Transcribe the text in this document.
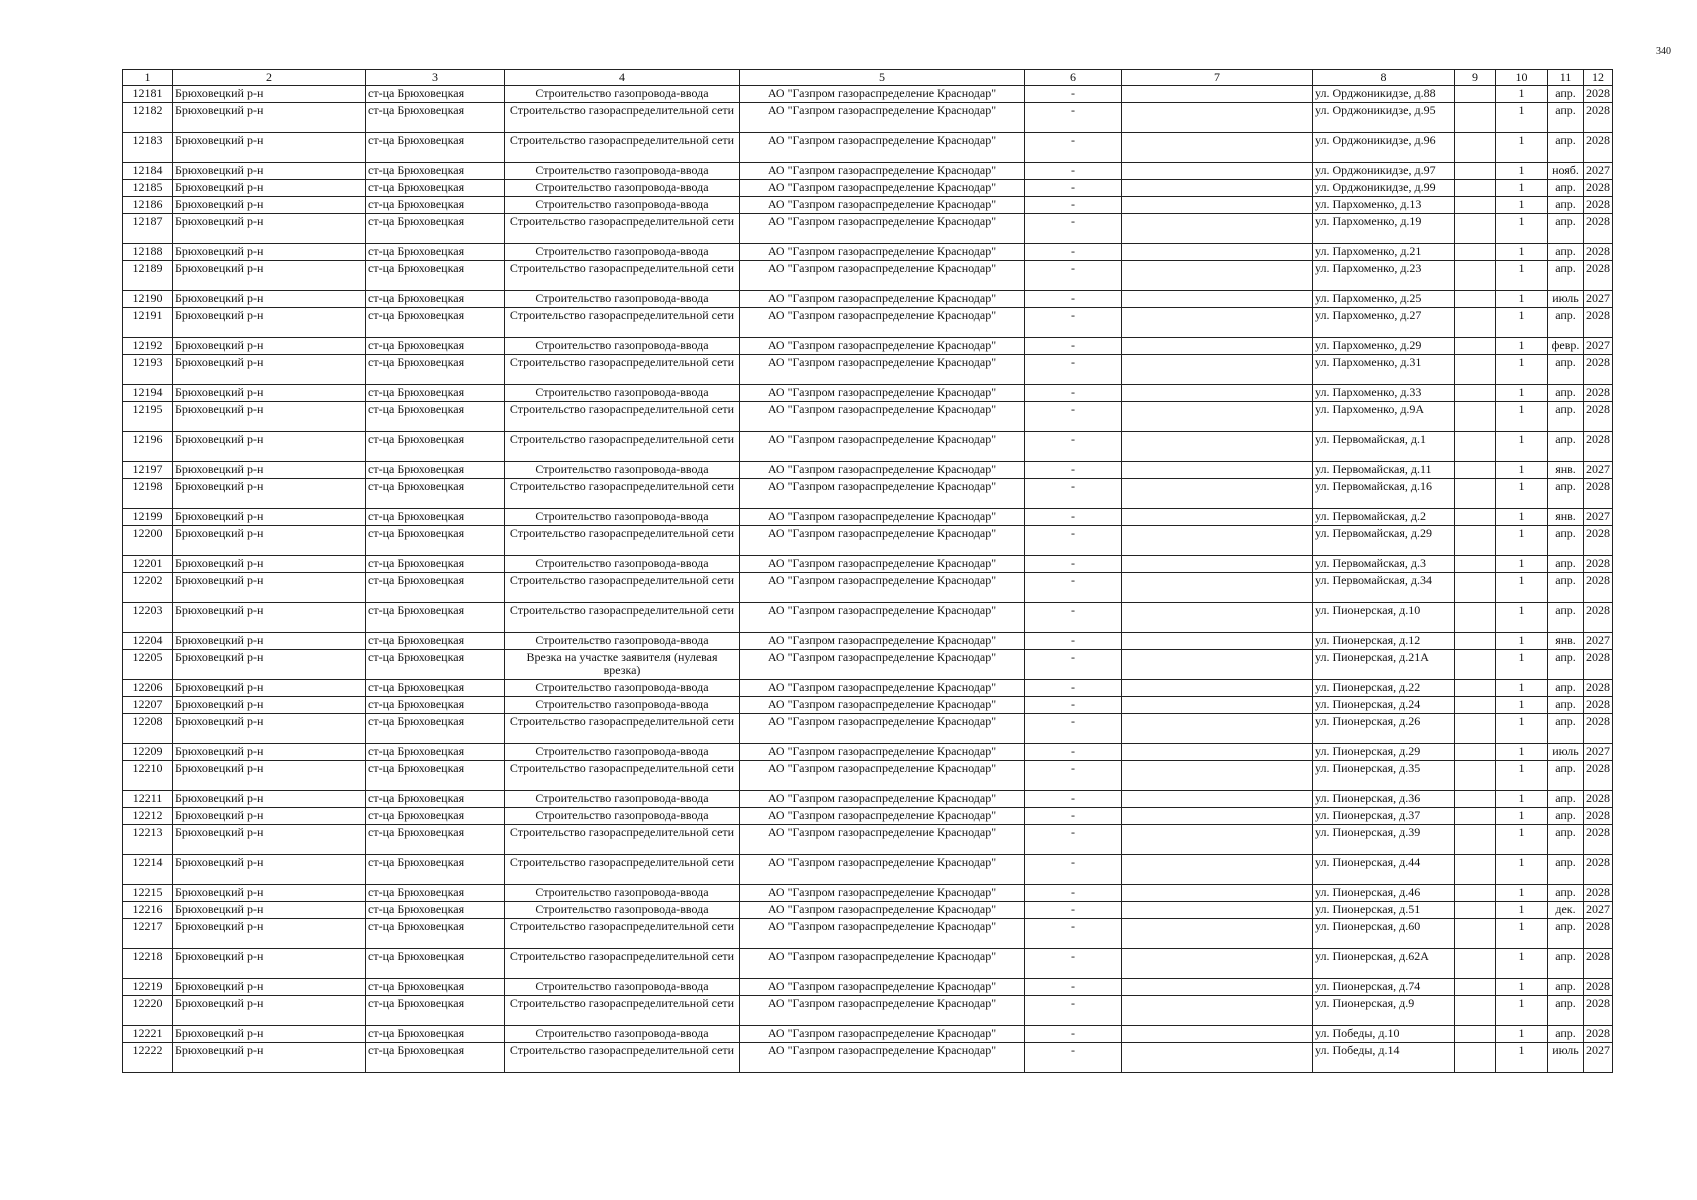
340
1	2	3	4	5	6	7	8	9	10	11	12
12181	Брюховецкий р-н	ст-ца Брюховецкая	Строительство газопровода-ввода	АО "Газпром газораспределение Краснодар"	-		ул. Орджоникидзе, д.88		1	апр.	2028
12182	Брюховецкий р-н	ст-ца Брюховецкая	Строительство газораспределительной сети	АО "Газпром газораспределение Краснодар"	-		ул. Орджоникидзе, д.95		1	апр.	2028
12183	Брюховецкий р-н	ст-ца Брюховецкая	Строительство газораспределительной сети	АО "Газпром газораспределение Краснодар"	-		ул. Орджоникидзе, д.96		1	апр.	2028
12184	Брюховецкий р-н	ст-ца Брюховецкая	Строительство газопровода-ввода	АО "Газпром газораспределение Краснодар"	-		ул. Орджоникидзе, д.97		1	нояб.	2027
12185	Брюховецкий р-н	ст-ца Брюховецкая	Строительство газопровода-ввода	АО "Газпром газораспределение Краснодар"	-		ул. Орджоникидзе, д.99		1	апр.	2028
12186	Брюховецкий р-н	ст-ца Брюховецкая	Строительство газопровода-ввода	АО "Газпром газораспределение Краснодар"	-		ул. Пархоменко, д.13		1	апр.	2028
12187	Брюховецкий р-н	ст-ца Брюховецкая	Строительство газораспределительной сети	АО "Газпром газораспределение Краснодар"	-		ул. Пархоменко, д.19		1	апр.	2028
12188	Брюховецкий р-н	ст-ца Брюховецкая	Строительство газопровода-ввода	АО "Газпром газораспределение Краснодар"	-		ул. Пархоменко, д.21		1	апр.	2028
12189	Брюховецкий р-н	ст-ца Брюховецкая	Строительство газораспределительной сети	АО "Газпром газораспределение Краснодар"	-		ул. Пархоменко, д.23		1	апр.	2028
12190	Брюховецкий р-н	ст-ца Брюховецкая	Строительство газопровода-ввода	АО "Газпром газораспределение Краснодар"	-		ул. Пархоменко, д.25		1	июль	2027
12191	Брюховецкий р-н	ст-ца Брюховецкая	Строительство газораспределительной сети	АО "Газпром газораспределение Краснодар"	-		ул. Пархоменко, д.27		1	апр.	2028
12192	Брюховецкий р-н	ст-ца Брюховецкая	Строительство газопровода-ввода	АО "Газпром газораспределение Краснодар"	-		ул. Пархоменко, д.29		1	февр.	2027
12193	Брюховецкий р-н	ст-ца Брюховецкая	Строительство газораспределительной сети	АО "Газпром газораспределение Краснодар"	-		ул. Пархоменко, д.31		1	апр.	2028
12194	Брюховецкий р-н	ст-ца Брюховецкая	Строительство газопровода-ввода	АО "Газпром газораспределение Краснодар"	-		ул. Пархоменко, д.33		1	апр.	2028
12195	Брюховецкий р-н	ст-ца Брюховецкая	Строительство газораспределительной сети	АО "Газпром газораспределение Краснодар"	-		ул. Пархоменко, д.9А		1	апр.	2028
12196	Брюховецкий р-н	ст-ца Брюховецкая	Строительство газораспределительной сети	АО "Газпром газораспределение Краснодар"	-		ул. Первомайская, д.1		1	апр.	2028
12197	Брюховецкий р-н	ст-ца Брюховецкая	Строительство газопровода-ввода	АО "Газпром газораспределение Краснодар"	-		ул. Первомайская, д.11		1	янв.	2027
12198	Брюховецкий р-н	ст-ца Брюховецкая	Строительство газораспределительной сети	АО "Газпром газораспределение Краснодар"	-		ул. Первомайская, д.16		1	апр.	2028
12199	Брюховецкий р-н	ст-ца Брюховецкая	Строительство газопровода-ввода	АО "Газпром газораспределение Краснодар"	-		ул. Первомайская, д.2		1	янв.	2027
12200	Брюховецкий р-н	ст-ца Брюховецкая	Строительство газораспределительной сети	АО "Газпром газораспределение Краснодар"	-		ул. Первомайская, д.29		1	апр.	2028
12201	Брюховецкий р-н	ст-ца Брюховецкая	Строительство газопровода-ввода	АО "Газпром газораспределение Краснодар"	-		ул. Первомайская, д.3		1	апр.	2028
12202	Брюховецкий р-н	ст-ца Брюховецкая	Строительство газораспределительной сети	АО "Газпром газораспределение Краснодар"	-		ул. Первомайская, д.34		1	апр.	2028
12203	Брюховецкий р-н	ст-ца Брюховецкая	Строительство газораспределительной сети	АО "Газпром газораспределение Краснодар"	-		ул. Пионерская, д.10		1	апр.	2028
12204	Брюховецкий р-н	ст-ца Брюховецкая	Строительство газопровода-ввода	АО "Газпром газораспределение Краснодар"	-		ул. Пионерская, д.12		1	янв.	2027
12205	Брюховецкий р-н	ст-ца Брюховецкая	Врезка на участке заявителя (нулевая врезка)	АО "Газпром газораспределение Краснодар"	-		ул. Пионерская, д.21А		1	апр.	2028
12206	Брюховецкий р-н	ст-ца Брюховецкая	Строительство газопровода-ввода	АО "Газпром газораспределение Краснодар"	-		ул. Пионерская, д.22		1	апр.	2028
12207	Брюховецкий р-н	ст-ца Брюховецкая	Строительство газопровода-ввода	АО "Газпром газораспределение Краснодар"	-		ул. Пионерская, д.24		1	апр.	2028
12208	Брюховецкий р-н	ст-ца Брюховецкая	Строительство газораспределительной сети	АО "Газпром газораспределение Краснодар"	-		ул. Пионерская, д.26		1	апр.	2028
12209	Брюховецкий р-н	ст-ца Брюховецкая	Строительство газопровода-ввода	АО "Газпром газораспределение Краснодар"	-		ул. Пионерская, д.29		1	июль	2027
12210	Брюховецкий р-н	ст-ца Брюховецкая	Строительство газораспределительной сети	АО "Газпром газораспределение Краснодар"	-		ул. Пионерская, д.35		1	апр.	2028
12211	Брюховецкий р-н	ст-ца Брюховецкая	Строительство газопровода-ввода	АО "Газпром газораспределение Краснодар"	-		ул. Пионерская, д.36		1	апр.	2028
12212	Брюховецкий р-н	ст-ца Брюховецкая	Строительство газопровода-ввода	АО "Газпром газораспределение Краснодар"	-		ул. Пионерская, д.37		1	апр.	2028
12213	Брюховецкий р-н	ст-ца Брюховецкая	Строительство газораспределительной сети	АО "Газпром газораспределение Краснодар"	-		ул. Пионерская, д.39		1	апр.	2028
12214	Брюховецкий р-н	ст-ца Брюховецкая	Строительство газораспределительной сети	АО "Газпром газораспределение Краснодар"	-		ул. Пионерская, д.44		1	апр.	2028
12215	Брюховецкий р-н	ст-ца Брюховецкая	Строительство газопровода-ввода	АО "Газпром газораспределение Краснодар"	-		ул. Пионерская, д.46		1	апр.	2028
12216	Брюховецкий р-н	ст-ца Брюховецкая	Строительство газопровода-ввода	АО "Газпром газораспределение Краснодар"	-		ул. Пионерская, д.51		1	дек.	2027
12217	Брюховецкий р-н	ст-ца Брюховецкая	Строительство газораспределительной сети	АО "Газпром газораспределение Краснодар"	-		ул. Пионерская, д.60		1	апр.	2028
12218	Брюховецкий р-н	ст-ца Брюховецкая	Строительство газораспределительной сети	АО "Газпром газораспределение Краснодар"	-		ул. Пионерская, д.62А		1	апр.	2028
12219	Брюховецкий р-н	ст-ца Брюховецкая	Строительство газопровода-ввода	АО "Газпром газораспределение Краснодар"	-		ул. Пионерская, д.74		1	апр.	2028
12220	Брюховецкий р-н	ст-ца Брюховецкая	Строительство газораспределительной сети	АО "Газпром газораспределение Краснодар"	-		ул. Пионерская, д.9		1	апр.	2028
12221	Брюховецкий р-н	ст-ца Брюховецкая	Строительство газопровода-ввода	АО "Газпром газораспределение Краснодар"	-		ул. Победы, д.10		1	апр.	2028
12222	Брюховецкий р-н	ст-ца Брюховецкая	Строительство газораспределительной сети	АО "Газпром газораспределение Краснодар"	-		ул. Победы, д.14		1	июль	2027
